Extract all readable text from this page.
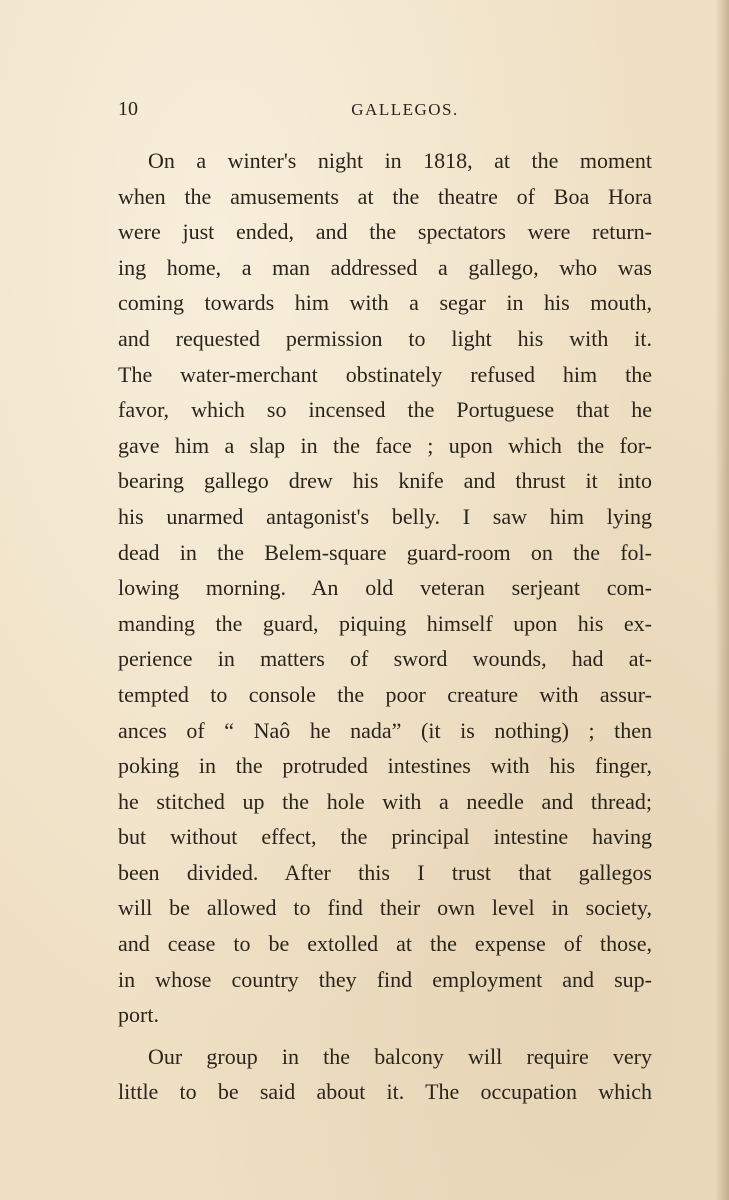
10	GALLEGOS.
On a winter's night in 1818, at the moment
when the amusements at the theatre of Boa Hora
were just ended, and the spectators were return-
ing home, a man addressed a gallego, who was
coming towards him with a segar in his mouth,
and requested permission to light his with it.
The water-merchant obstinately refused him the
favor, which so incensed the Portuguese that he
gave him a slap in the face ; upon which the for-
bearing gallego drew his knife and thrust it into
his unarmed antagonist's belly. I saw him lying
dead in the Belem-square guard-room on the fol-
lowing morning. An old veteran serjeant com-
manding the guard, piquing himself upon his ex-
perience in matters of sword wounds, had at-
tempted to console the poor creature with assur-
ances of “ Naô he nada” (it is nothing) ; then
poking in the protruded intestines with his finger,
he stitched up the hole with a needle and thread;
but without effect, the principal intestine having
been divided. After this I trust that gallegos
will be allowed to find their own level in society,
and cease to be extolled at the expense of those,
in whose country they find employment and sup-
port.
Our group in the balcony will require very
little to be said about it. The occupation which
